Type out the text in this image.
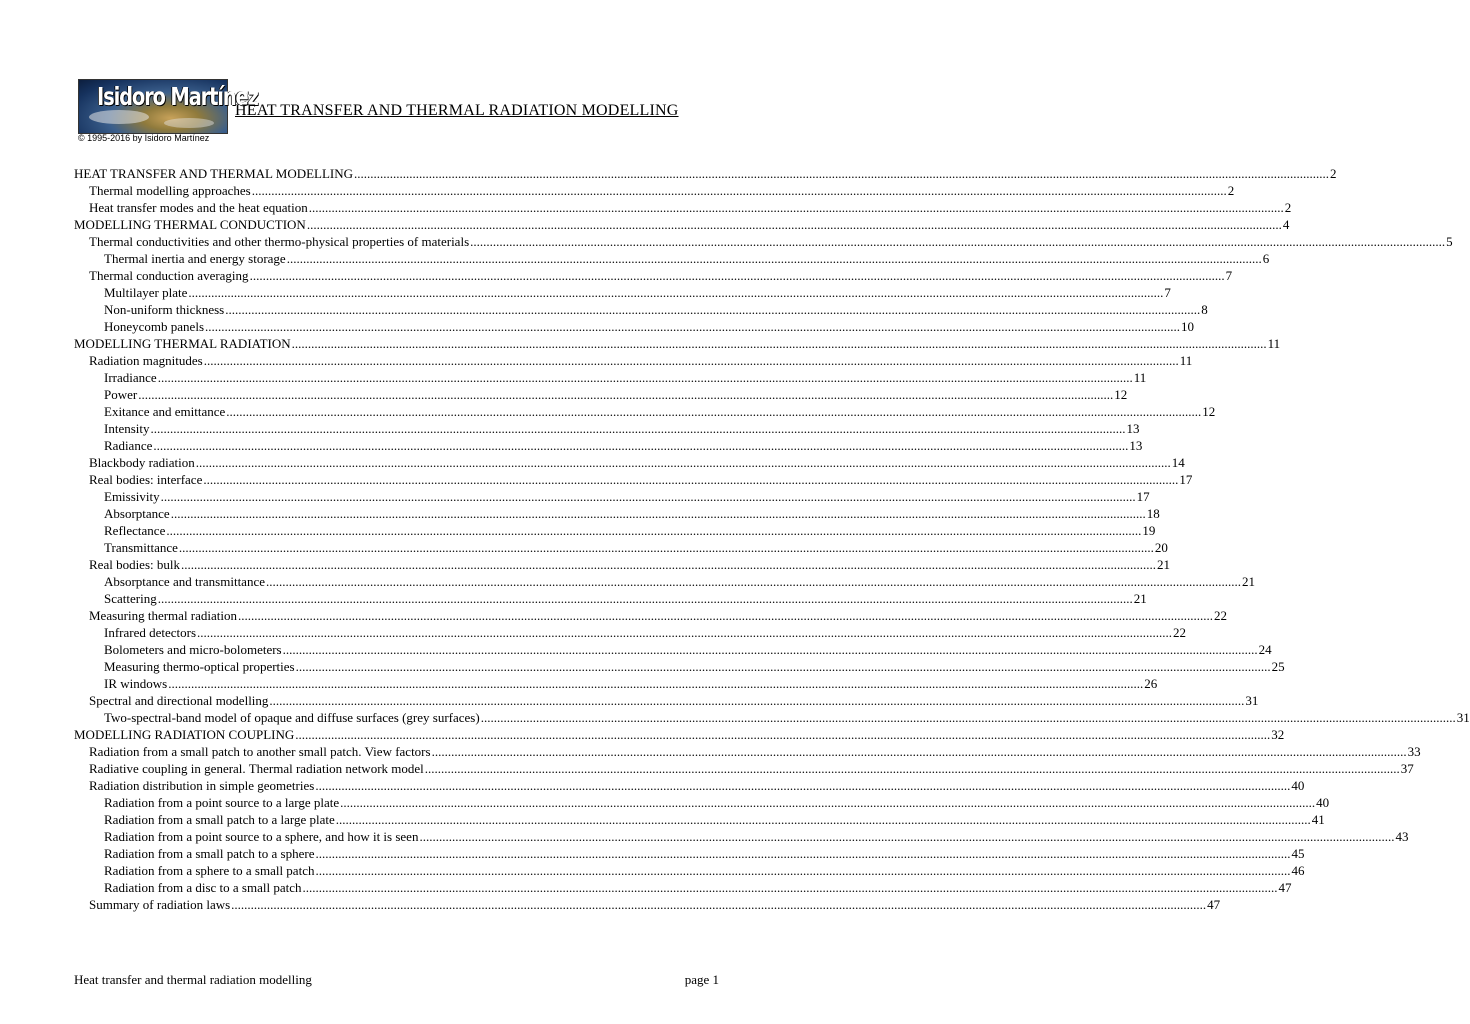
Isidoro Martínez
© 1995-2016 by Isidoro Martínez
HEAT TRANSFER AND THERMAL RADIATION MODELLING
HEAT TRANSFER AND THERMAL MODELLING .....	2
Thermal modelling approaches .....	2
Heat transfer modes and the heat equation .....	2
MODELLING THERMAL CONDUCTION .....	4
Thermal conductivities and other thermo-physical properties of materials .....	5
Thermal inertia and energy storage .....	6
Thermal conduction averaging .....	7
Multilayer plate .....	7
Non-uniform thickness .....	8
Honeycomb panels .....	10
MODELLING THERMAL RADIATION .....	11
Radiation magnitudes .....	11
Irradiance .....	11
Power .....	12
Exitance and emittance .....	12
Intensity .....	13
Radiance .....	13
Blackbody radiation .....	14
Real bodies: interface .....	17
Emissivity .....	17
Absorptance .....	18
Reflectance .....	19
Transmittance .....	20
Real bodies: bulk .....	21
Absorptance and transmittance .....	21
Scattering .....	21
Measuring thermal radiation .....	22
Infrared detectors .....	22
Bolometers and micro-bolometers .....	24
Measuring thermo-optical properties .....	25
IR windows .....	26
Spectral and directional modelling .....	31
Two-spectral-band model of opaque and diffuse surfaces (grey surfaces) .....	31
MODELLING RADIATION COUPLING .....	32
Radiation from a small patch to another small patch. View factors .....	33
Radiative coupling in general. Thermal radiation network model .....	37
Radiation distribution in simple geometries .....	40
Radiation from a point source to a large plate .....	40
Radiation from a small patch to a large plate .....	41
Radiation from a point source to a sphere, and how it is seen .....	43
Radiation from a small patch to a sphere .....	45
Radiation from a sphere to a small patch .....	46
Radiation from a disc to a small patch .....	47
Summary of radiation laws .....	47
Heat transfer and thermal radiation modelling	page 1
